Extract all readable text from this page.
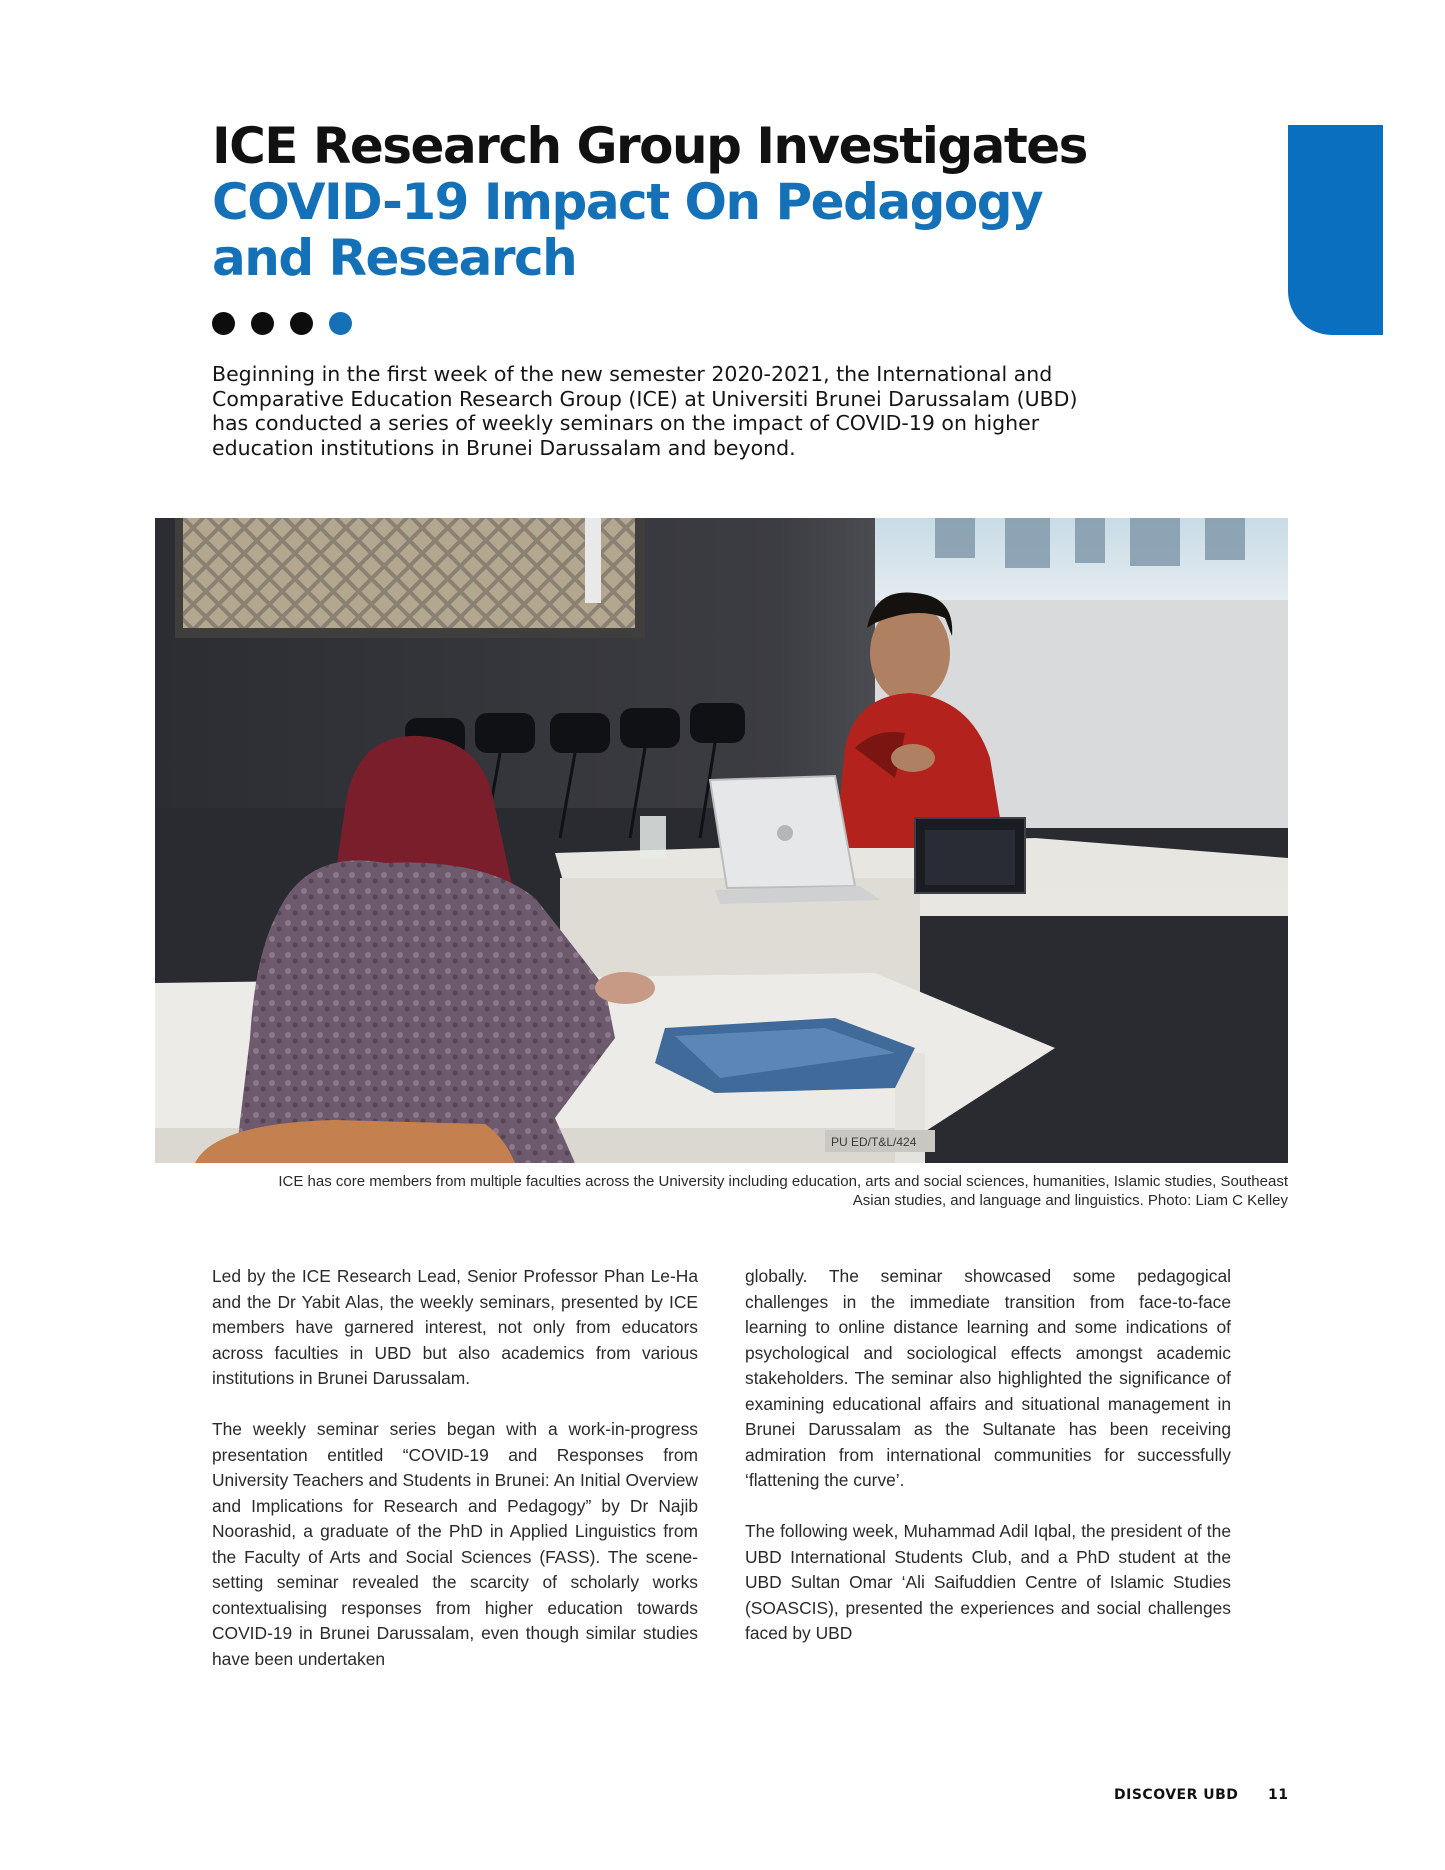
ICE Research Group Investigates
COVID-19 Impact On Pedagogy
and Research

Beginning in the first week of the new semester 2020-2021, the International and Comparative Education Research Group (ICE) at Universiti Brunei Darussalam (UBD) has conducted a series of weekly seminars on the impact of COVID-19 on higher education institutions in Brunei Darussalam and beyond.

PU ED/T&L/424

ICE has core members from multiple faculties across the University including education, arts and social sciences, humanities, Islamic studies, Southeast Asian studies, and language and linguistics. Photo: Liam C Kelley

Led by the ICE Research Lead, Senior Professor Phan Le-Ha and the Dr Yabit Alas, the weekly seminars, presented by ICE members have garnered interest, not only from educators across faculties in UBD but also academics from various institutions in Brunei Darussalam.

The weekly seminar series began with a work-in-progress presentation entitled “COVID-19 and Responses from University Teachers and Students in Brunei: An Initial Overview and Implications for Research and Pedagogy” by Dr Najib Noorashid, a graduate of the PhD in Applied Linguistics from the Faculty of Arts and Social Sciences (FASS). The scene-setting seminar revealed the scarcity of scholarly works contextualising responses from higher education towards COVID-19 in Brunei Darussalam, even though similar studies have been undertaken

globally. The seminar showcased some pedagogical challenges in the immediate transition from face-to-face learning to online distance learning and some indications of psychological and sociological effects amongst academic stakeholders. The seminar also highlighted the significance of examining educational affairs and situational management in Brunei Darussalam as the Sultanate has been receiving admiration from international communities for successfully ‘flattening the curve’.

The following week, Muhammad Adil Iqbal, the president of the UBD International Students Club, and a PhD student at the UBD Sultan Omar ‘Ali Saifuddien Centre of Islamic Studies (SOASCIS), presented the experiences and social challenges faced by UBD

DISCOVER UBD 11
